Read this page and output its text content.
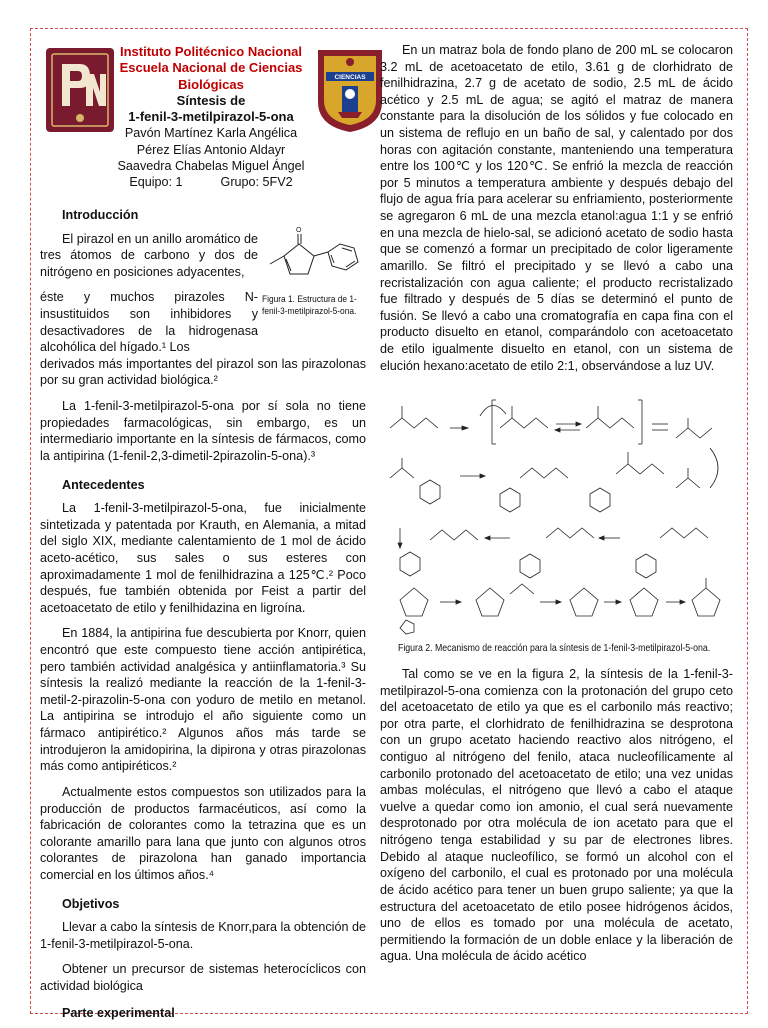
Instituto Politécnico Nacional
Escuela Nacional de Ciencias
Biológicas
Síntesis de
1-fenil-3-metilpirazol-5-ona
Pavón Martínez Karla Angélica
Pérez Elías Antonio Aldayr
Saavedra Chabelas Miguel Ángel
Equipo: 1	Grupo: 5FV2
CIENCIAS
Introducción

El pirazol en un anillo aromático de tres átomos de carbono y dos de nitrógeno en posiciones adyacentes,

éste y muchos pirazoles N-insustituidos son inhibidores y desactivadores de la hidrogenasa alcohólica del hígado.¹ Los

derivados más importantes del pirazol son las pirazolonas por su gran actividad biológica.²

La 1-fenil-3-metilpirazol-5-ona por sí sola no tiene propiedades farmacológicas, sin embargo, es un intermediario importante en la síntesis de fármacos, como la antipirina (1-fenil-2,3-dimetil-2pirazolin-5-ona).³

Antecedentes

La 1-fenil-3-metilpirazol-5-ona, fue inicialmente sintetizada y patentada por Krauth, en Alemania, a mitad del siglo XIX, mediante calentamiento de 1 mol de ácido aceto-acético, sus sales o sus esteres con aproximadamente 1 mol de fenilhidrazina a 125℃.² Poco después, fue también obtenida por Feist a partir del acetoacetato de etilo y fenilhidazina en ligroína.

En 1884, la antipirina fue descubierta por Knorr, quien encontró que este compuesto tiene acción antipirética, pero también actividad analgésica y antiinflamatoria.³ Su síntesis la realizó mediante la reacción de la 1-fenil-3-metil-2-pirazolin-5-ona con yoduro de metilo en metanol. La antipirina se introdujo el año siguiente como un fármaco antipirético.² Algunos años más tarde se introdujeron la amidopirina, la dipirona y otras pirazolonas más como antipiréticos.²

Actualmente estos compuestos son utilizados para la producción de productos farmacéuticos, así como la fabricación de colorantes como la tetrazina que es un colorante amarillo para lana que junto con algunos otros colorantes de pirazolona han ganado importancia comercial en los últimos años.⁴

Objetivos

Llevar a cabo la síntesis de Knorr,para la obtención de 1-fenil-3-metilpirazol-5-ona.

Obtener un precursor de sistemas heterocíclicos con actividad biológica

Parte experimental
O
Figura 1. Estructura de 1-fenil-3-metilpirazol-5-ona.

En un matraz bola de fondo plano de 200 mL se colocaron 3.2 mL de acetoacetato de etilo, 3.61 g de clorhidrato de fenilhidrazina, 2.7 g de acetato de sodio, 2.5 mL de ácido acético y 2.5 mL de agua; se agitó el matraz de manera constante para la disolución de los sólidos y fue colocado en un sistema de reflujo en un baño de sal, y calentado por dos horas con agitación constante, manteniendo una temperatura entre los 100℃ y los 120℃. Se enfrió la mezcla de reacción por 5 minutos a temperatura ambiente y después debajo del flujo de agua fría para acelerar su enfriamiento, posteriormente se agregaron 6 mL de una mezcla etanol:agua 1:1 y se enfrió en una mezcla de hielo-sal, se adicionó acetato de sodio hasta que se comenzó a formar un precipitado de color ligeramente amarillo. Se filtró el precipitado y se llevó a cabo una recristalización con agua caliente; el producto recristalizado fue filtrado y después de 5 días se determinó el punto de fusión. Se llevó a cabo una cromatografía en capa fina con el producto disuelto en etanol, comparándolo con acetoacetato de etilo igualmente disuelto en etanol, con un sistema de elución hexano:acetato de etilo 2:1, observándose a luz UV.

Figura 2. Mecanismo de reacción para la síntesis de 1-fenil-3-metilpirazol-5-ona.

Tal como se ve en la figura 2, la síntesis de la 1-fenil-3-metilpirazol-5-ona comienza con la protonación del grupo ceto del acetoacetato de etilo ya que es el carbonilo más reactivo; por otra parte, el clorhidrato de fenilhidrazina se desprotona con un grupo acetato haciendo reactivo alos nitrógeno, el contiguo al nitrógeno del fenilo, ataca nucleofílicamente al carbonilo protonado del acetoacetato de etilo; una vez unidas ambas moléculas, el nitrógeno que llevó a cabo el ataque vuelve a quedar como ion amonio, el cual será nuevamente desprotonado por otra molécula de ion acetato para que el nitrógeno tenga estabilidad y su par de electrones libres. Debido al ataque nucleofílico, se formó un alcohol con el oxígeno del carbonilo, el cual es protonado por una molécula de ácido acético para tener un buen grupo saliente; ya que la estructura del acetoacetato de etilo posee hidrógenos ácidos, uno de ellos es tomado por una molécula de acetato, permitiendo la formación de un doble enlace y la liberación de agua. Una molécula de ácido acético
